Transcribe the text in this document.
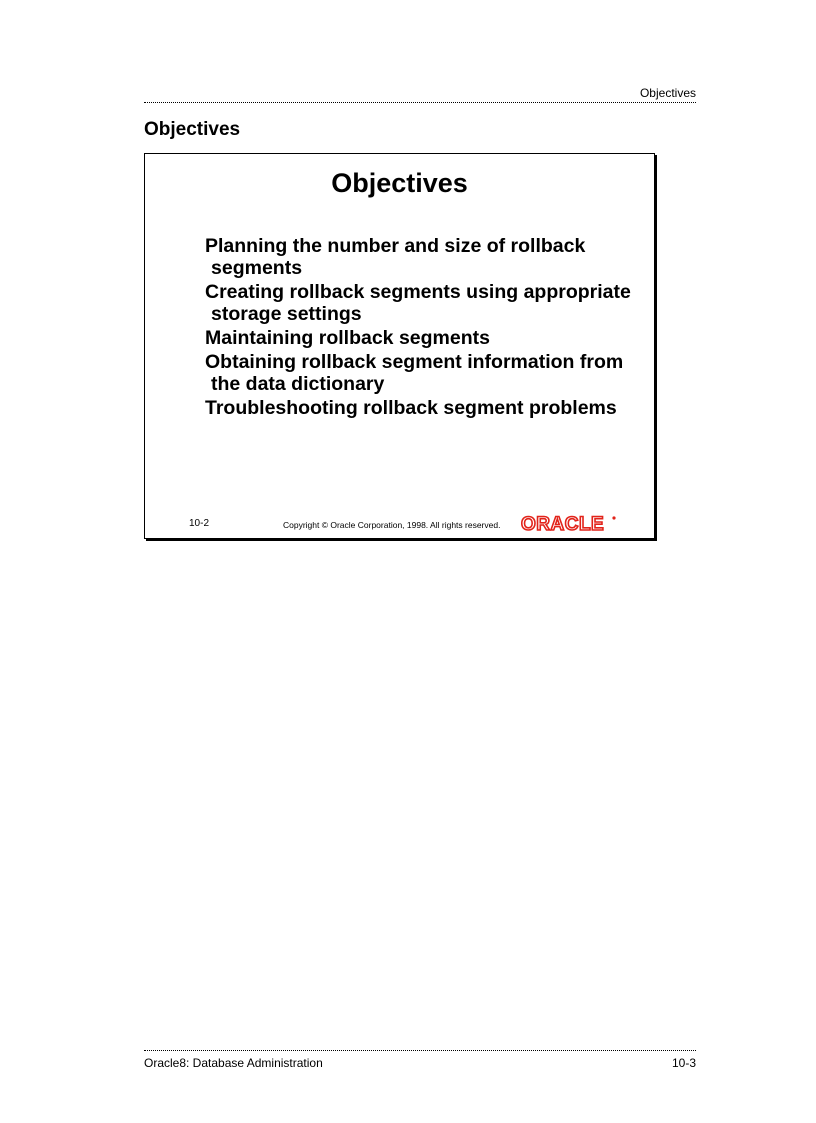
Objectives
Objectives
Objectives
Planning the number and size of rollback segments
Creating rollback segments using appropriate storage settings
Maintaining rollback segments
Obtaining rollback segment information from the data dictionary
Troubleshooting rollback segment problems
10-2	Copyright © Oracle Corporation, 1998. All rights reserved. ORACLE
Oracle8: Database Administration	10-3
